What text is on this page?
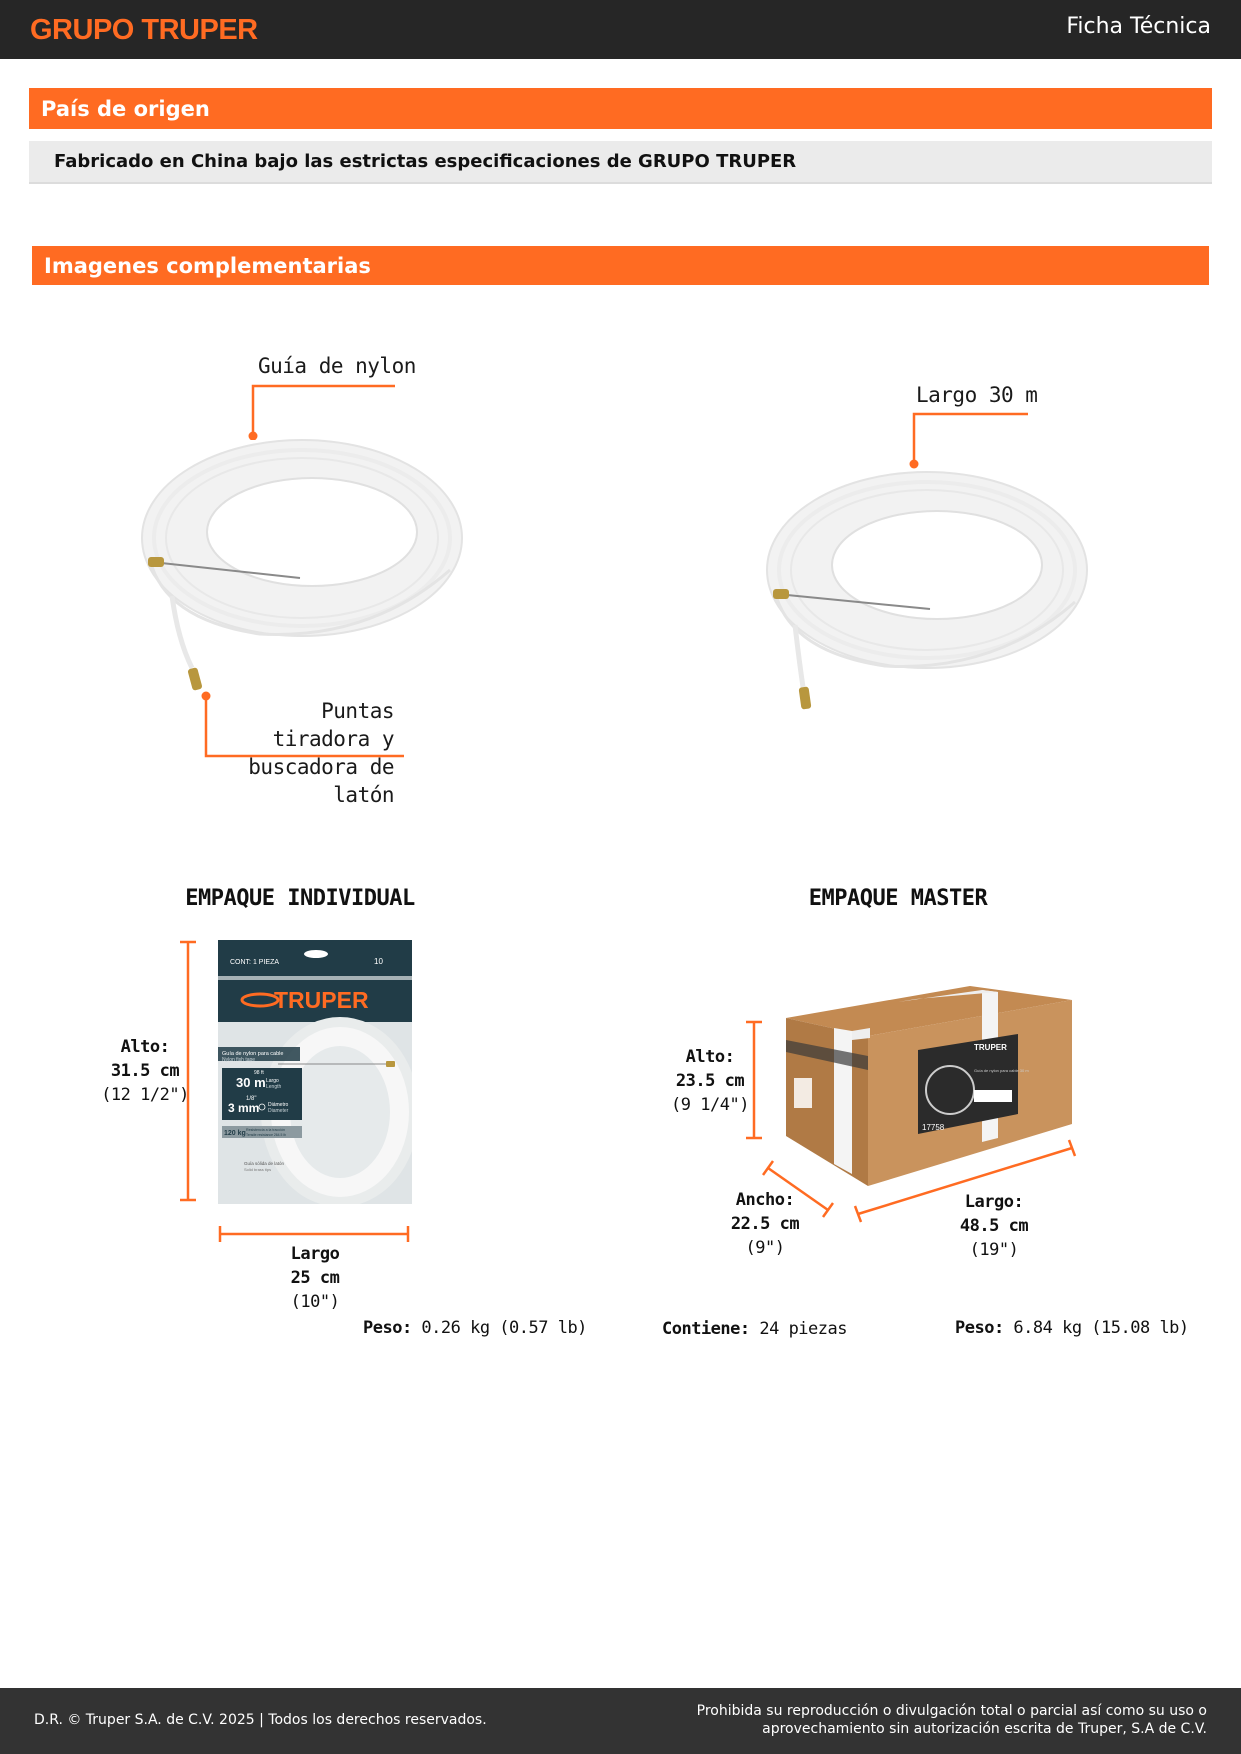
GRUPO TRUPER	Ficha Técnica
País de origen
Fabricado en China bajo las estrictas especificaciones de GRUPO TRUPER
Imagenes complementarias
Guía de nylon
Puntas tiradora y
buscadora de latón
Largo 30 m
EMPAQUE INDIVIDUAL
Alto:
31.5 cm
(12 1/2")
CONT: 1 PIEZA	10
TRUPER
Guía de nylon para cable
Nylon fish tape
98 ft
30 m Largo
Length
1/8"
3 mm Diámetro
Diameter
120 kg Resistencia a la tracción
Tensile resistance 264.5 lb
Guía sólida de latón
Solid brass tips
Largo
25 cm
(10")
Peso: 0.26 kg (0.57 lb)
EMPAQUE MASTER
Alto:
23.5 cm
(9 1/4")
TRUPER
17758
Guía de nylon para cable 30 m
Ancho:
22.5 cm
(9")
Largo:
48.5 cm
(19")
Contiene: 24 piezas	Peso: 6.84 kg (15.08 lb)
D.R. © Truper S.A. de C.V. 2025 | Todos los derechos reservados.
Prohibida su reproducción o divulgación total o parcial así como su uso o
aprovechamiento sin autorización escrita de Truper, S.A de C.V.
